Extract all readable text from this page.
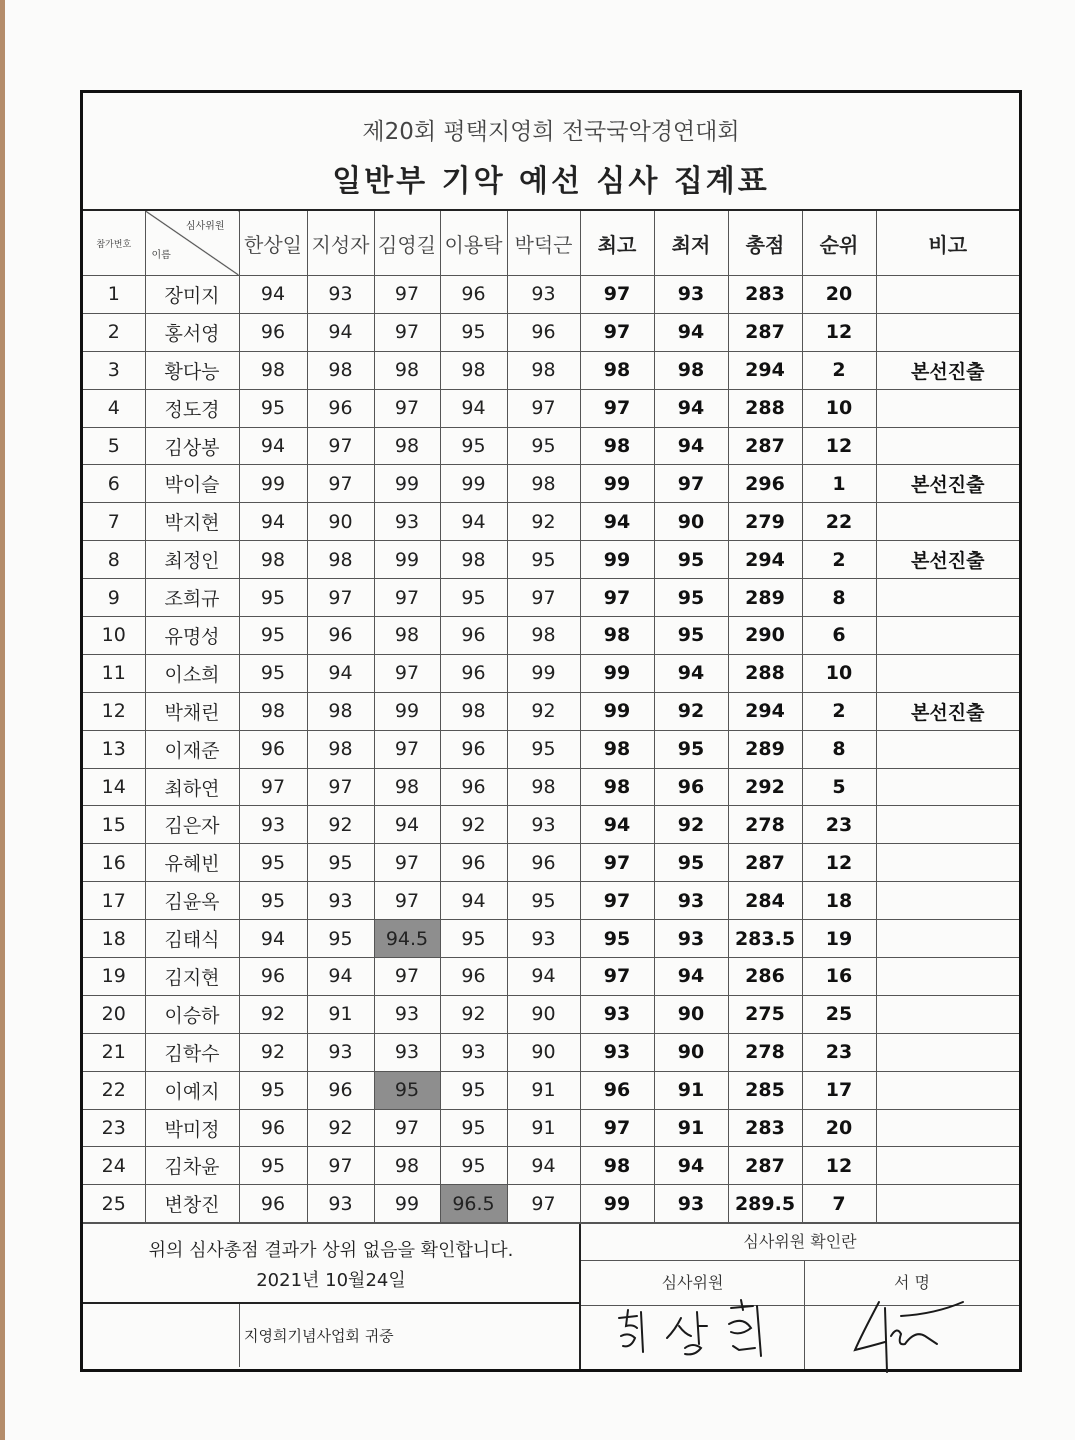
제20회 평택지영희 전국국악경연대회
일반부 기악 예선 심사 집계표
참가번호	심사위원
이름	한상일	지성자	김영길	이용탁	박덕근	최고	최저	총점	순위	비고
1	장미지	94	93	97	96	93	97	93	283	20	
2	홍서영	96	94	97	95	96	97	94	287	12	
3	황다능	98	98	98	98	98	98	98	294	2	본선진출
4	정도경	95	96	97	94	97	97	94	288	10	
5	김상봉	94	97	98	95	95	98	94	287	12	
6	박이슬	99	97	99	99	98	99	97	296	1	본선진출
7	박지현	94	90	93	94	92	94	90	279	22	
8	최정인	98	98	99	98	95	99	95	294	2	본선진출
9	조희규	95	97	97	95	97	97	95	289	8	
10	유명성	95	96	98	96	98	98	95	290	6	
11	이소희	95	94	97	96	99	99	94	288	10	
12	박채린	98	98	99	98	92	99	92	294	2	본선진출
13	이재준	96	98	97	96	95	98	95	289	8	
14	최하연	97	97	98	96	98	98	96	292	5	
15	김은자	93	92	94	92	93	94	92	278	23	
16	유혜빈	95	95	97	96	96	97	95	287	12	
17	김윤옥	95	93	97	94	95	97	93	284	18	
18	김태식	94	95	94.5	95	93	95	93	283.5	19	
19	김지현	96	94	97	96	94	97	94	286	16	
20	이승하	92	91	93	92	90	93	90	275	25	
21	김학수	92	93	93	93	90	93	90	278	23	
22	이예지	95	96	95	95	91	96	91	285	17	
23	박미정	96	92	97	95	91	97	91	283	20	
24	김차윤	95	97	98	95	94	98	94	287	12	
25	변창진	96	93	99	96.5	97	99	93	289.5	7	
위의 심사총점 결과가 상위 없음을 확인합니다.
2021년 10월24일
지영희기념사업회 귀중
심사위원 확인란
심사위원	서 명
